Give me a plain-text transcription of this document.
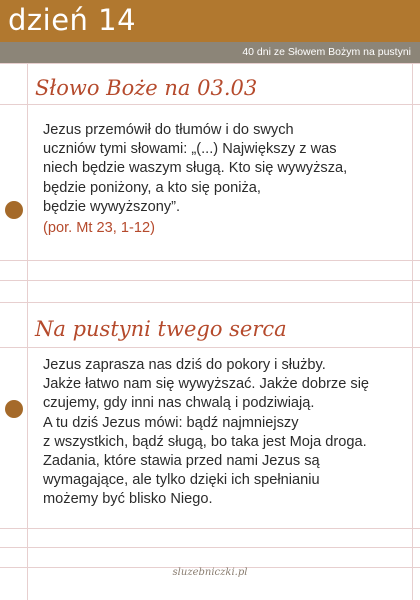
dzień 14
40 dni ze Słowem Bożym na pustyni
Słowo Boże na 03.03
Jezus przemówił do tłumów i do swych
uczniów tymi słowami: „(...) Największy z was
niech będzie waszym sługą. Kto się wywyższa,
będzie poniżony, a kto się poniża,
będzie wywyższony”.
(por. Mt 23, 1-12)
Na pustyni twego serca
Jezus zaprasza nas dziś do pokory i służby.
Jakże łatwo nam się wywyższać. Jakże dobrze się
czujemy, gdy inni nas chwalą i podziwiają.
A tu dziś Jezus mówi: bądź najmniejszy
z wszystkich, bądź sługą, bo taka jest Moja droga.
Zadania, które stawia przed nami Jezus są
wymagające, ale tylko dzięki ich spełnianiu
możemy być blisko Niego.
sluzebniczki.pl
